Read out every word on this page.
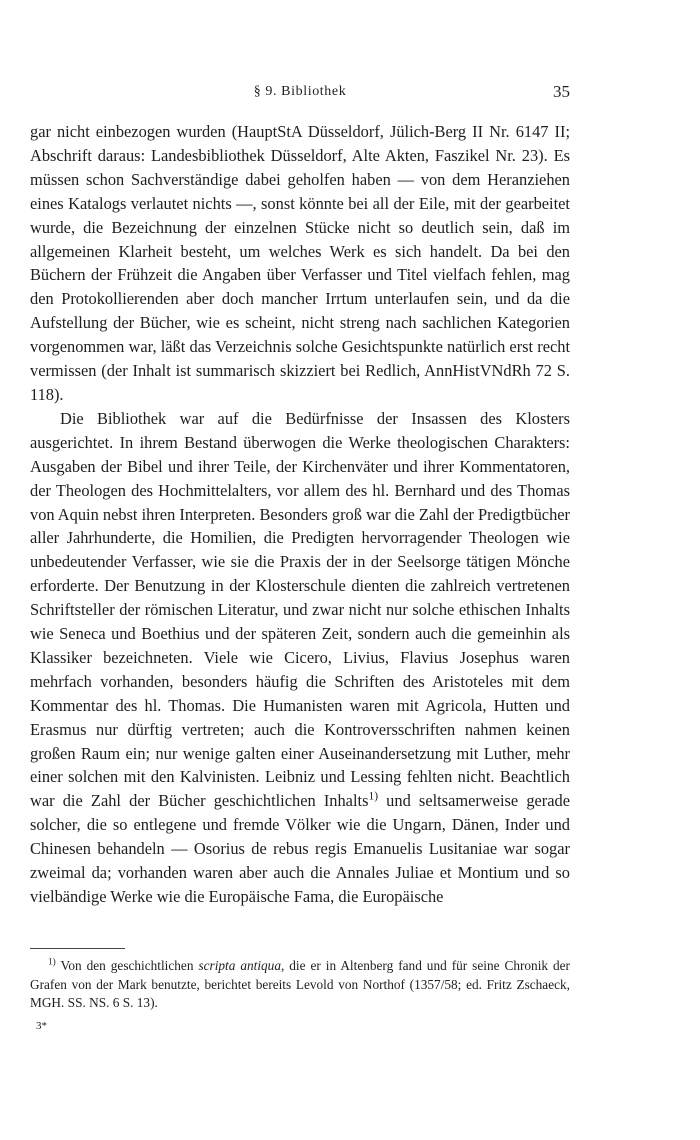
§ 9. Bibliothek	35

gar nicht einbezogen wurden (HauptStA Düsseldorf, Jülich-Berg II Nr. 6147 II; Abschrift daraus: Landesbibliothek Düsseldorf, Alte Akten, Faszikel Nr. 23). Es müssen schon Sachverständige dabei geholfen haben — von dem Heranziehen eines Katalogs verlautet nichts —, sonst könnte bei all der Eile, mit der gearbeitet wurde, die Bezeichnung der einzelnen Stücke nicht so deutlich sein, daß im allgemeinen Klarheit besteht, um welches Werk es sich handelt. Da bei den Büchern der Frühzeit die Angaben über Verfasser und Titel vielfach fehlen, mag den Protokollierenden aber doch mancher Irrtum unterlaufen sein, und da die Aufstellung der Bücher, wie es scheint, nicht streng nach sachlichen Kategorien vorgenommen war, läßt das Verzeichnis solche Gesichtspunkte natürlich erst recht vermissen (der Inhalt ist summarisch skizziert bei Redlich, AnnHistVNdRh 72 S. 118).

Die Bibliothek war auf die Bedürfnisse der Insassen des Klosters ausgerichtet. In ihrem Bestand überwogen die Werke theologischen Charakters: Ausgaben der Bibel und ihrer Teile, der Kirchenväter und ihrer Kommentatoren, der Theologen des Hochmittelalters, vor allem des hl. Bernhard und des Thomas von Aquin nebst ihren Interpreten. Besonders groß war die Zahl der Predigtbücher aller Jahrhunderte, die Homilien, die Predigten hervorragender Theologen wie unbedeutender Verfasser, wie sie die Praxis der in der Seelsorge tätigen Mönche erforderte. Der Benutzung in der Klosterschule dienten die zahlreich vertretenen Schriftsteller der römischen Literatur, und zwar nicht nur solche ethischen Inhalts wie Seneca und Boethius und der späteren Zeit, sondern auch die gemeinhin als Klassiker bezeichneten. Viele wie Cicero, Livius, Flavius Josephus waren mehrfach vorhanden, besonders häufig die Schriften des Aristoteles mit dem Kommentar des hl. Thomas. Die Humanisten waren mit Agricola, Hutten und Erasmus nur dürftig vertreten; auch die Kontroversschriften nahmen keinen großen Raum ein; nur wenige galten einer Auseinandersetzung mit Luther, mehr einer solchen mit den Kalvinisten. Leibniz und Lessing fehlten nicht. Beachtlich war die Zahl der Bücher geschichtlichen Inhalts$^{1)}$ und seltsamerweise gerade solcher, die so entlegene und fremde Völker wie die Ungarn, Dänen, Inder und Chinesen behandeln — Osorius de rebus regis Emanuelis Lusitaniae war sogar zweimal da; vorhanden waren aber auch die Annales Juliae et Montium und so vielbändige Werke wie die Europäische Fama, die Europäische

$^{1)}$ Von den geschichtlichen scripta antiqua, die er in Altenberg fand und für seine Chronik der Grafen von der Mark benutzte, berichtet bereits Levold von Northof (1357/58; ed. Fritz Zschaeck, MGH. SS. NS. 6 S. 13).
3*
